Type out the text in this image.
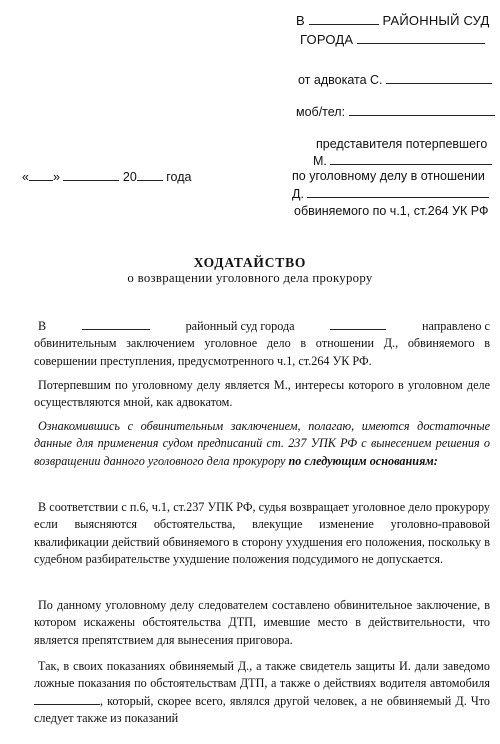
В	РАЙОННЫЙ СУД
ГОРОДА
от адвоката С.
моб/тел:
представителя потерпевшего
М.
« »	20 года	по уголовному делу в отношении
Д.
обвиняемого по ч.1, ст.264 УК РФ
ХОДАТАЙСТВО
о возвращении уголовного дела прокурору
В	районный суд города	направлено с
обвинительным заключением уголовное дело в отношении Д., обвиняемого в совершении преступления, предусмотренного ч.1, ст.264 УК РФ.
Потерпевшим по уголовному делу является М., интересы которого в уголовном деле осуществляются мной, как адвокатом.
Ознакомившись с обвинительным заключением, полагаю, имеются достаточные данные для применения судом предписаний ст. 237 УПК РФ с вынесением решения о возвращении данного уголовного дела прокурору по следующим основаниям:
В соответствии с п.6, ч.1, ст.237 УПК РФ, судья возвращает уголовное дело прокурору если выясняются обстоятельства, влекущие изменение уголовно-правовой квалификации действий обвиняемого в сторону ухудшения его положения, поскольку в судебном разбирательстве ухудшение положения подсудимого не допускается.
По данному уголовному делу следователем составлено обвинительное заключение, в котором искажены обстоятельства ДТП, имевшие место в действительности, что является препятствием для вынесения приговора.
Так, в своих показаниях обвиняемый Д., а также свидетель защиты И. дали заведомо ложные показания по обстоятельствам ДТП, а также о действиях водителя автомобиля , который, скорее всего, являлся другой человек, а не обвиняемый Д. Что следует также из показаний
